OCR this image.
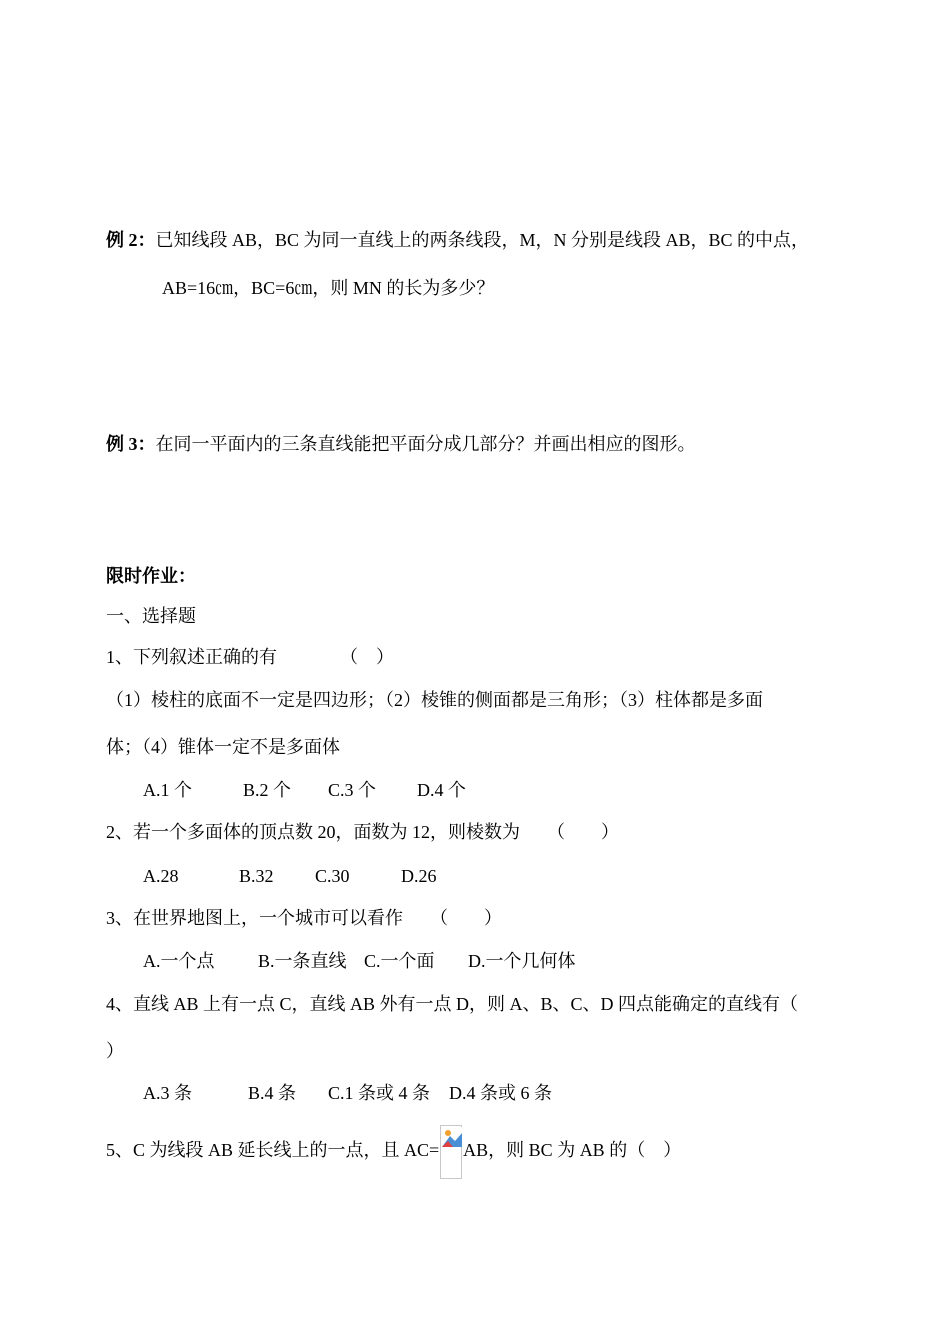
例 2：已知线段 AB，BC 为同一直线上的两条线段，M，N 分别是线段 AB，BC 的中点，
AB=16㎝，BC=6㎝，则 MN 的长为多少？
例 3：在同一平面内的三条直线能把平面分成几部分？并画出相应的图形。
限时作业：
一、选择题
1、下列叙述正确的有　　　　（　）
（1）棱柱的底面不一定是四边形；（2）棱锥的侧面都是三角形；（3）柱体都是多面
体；（4）锥体一定不是多面体
A.1 个	B.2 个 C.3 个 D.4 个
2、若一个多面体的顶点数 20，面数为 12，则棱数为　　（　　）
A.28	B.32 C.30	D.26
3、在世界地图上，一个城市可以看作　　（　　）
A.一个点 B.一条直线 C.一个面 D.一个几何体
4、直线 AB 上有一点 C，直线 AB 外有一点 D，则 A、B、C、D 四点能确定的直线有（
）
A.3 条	B.4 条 C.1 条或 4 条 D.4 条或 6 条
5、C 为线段 AB 延长线上的一点，且 AC= AB，则 BC 为 AB 的（　）
